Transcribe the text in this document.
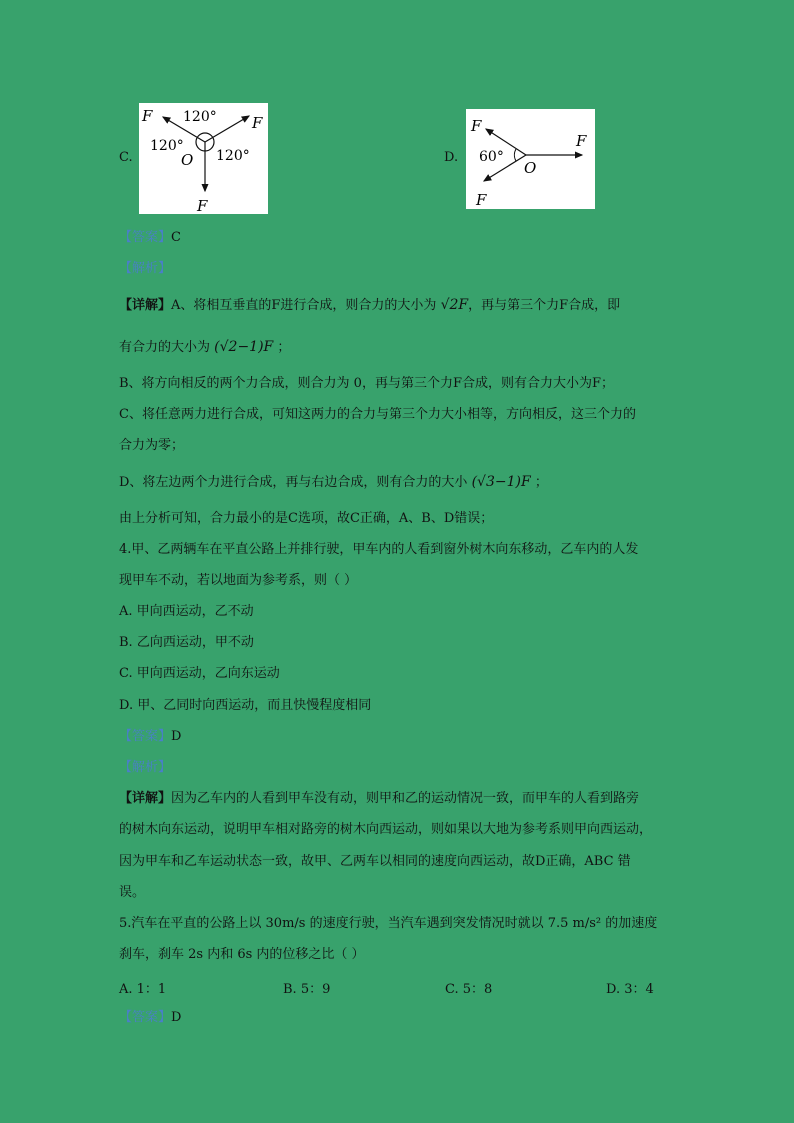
C.
F	F
F
120°
120°
120°
O	D.
F
F
F
60°
O
【答案】C
【解析】
【详解】A、将相互垂直的F进行合成，则合力的大小为 √2F，再与第三个力F合成，即
有合力的大小为 (√2−1)F ；
B、将方向相反的两个力合成，则合力为 0，再与第三个力F合成，则有合力大小为F；
C、将任意两力进行合成，可知这两力的合力与第三个力大小相等，方向相反，这三个力的
合力为零；
D、将左边两个力进行合成，再与右边合成，则有合力的大小 (√3−1)F ；
由上分析可知，合力最小的是C选项，故C正确，A、B、D错误；
4.甲、乙两辆车在平直公路上并排行驶，甲车内的人看到窗外树木向东移动，乙车内的人发
现甲车不动，若以地面为参考系，则（ ）
A. 甲向西运动，乙不动
B. 乙向西运动，甲不动
C. 甲向西运动，乙向东运动
D. 甲、乙同时向西运动，而且快慢程度相同
【答案】D
【解析】
【详解】因为乙车内的人看到甲车没有动，则甲和乙的运动情况一致，而甲车的人看到路旁
的树木向东运动，说明甲车相对路旁的树木向西运动，则如果以大地为参考系则甲向西运动，
因为甲车和乙车运动状态一致，故甲、乙两车以相同的速度向西运动，故D正确，ABC 错
误。
5.汽车在平直的公路上以 30m/s 的速度行驶，当汽车遇到突发情况时就以 7.5 m/s² 的加速度
刹车，刹车 2s 内和 6s 内的位移之比（ ）
A. 1：1	B. 5：9	C. 5：8	D. 3：4
【答案】D
